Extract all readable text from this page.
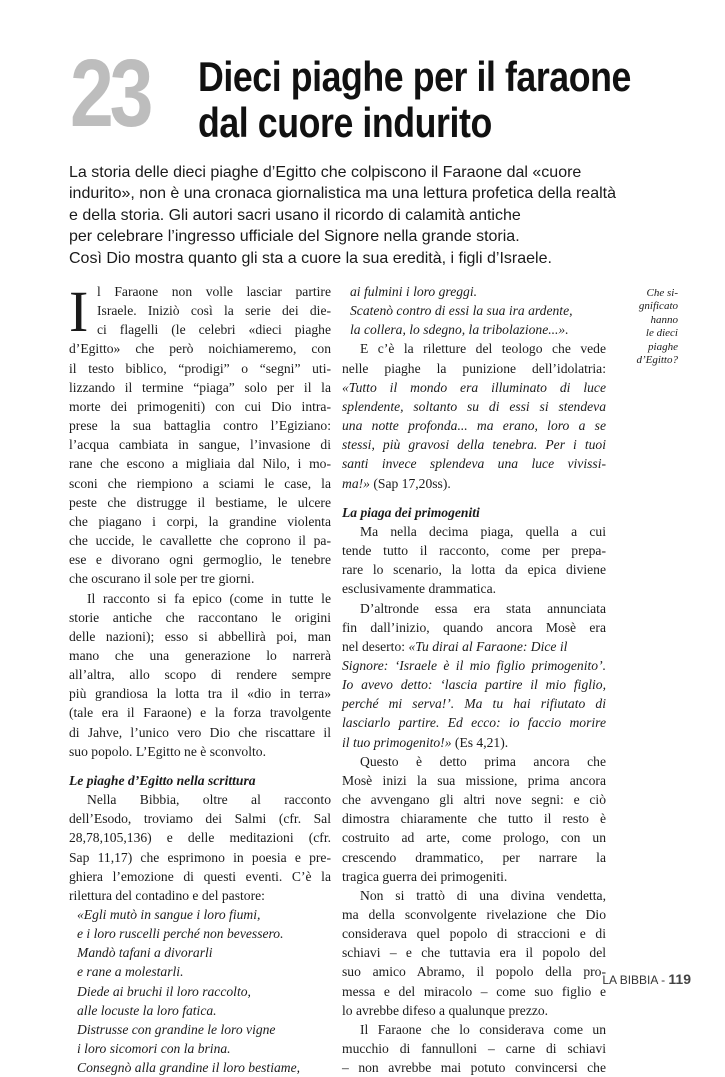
23 Dieci piaghe per il faraone
dal cuore indurito
La storia delle dieci piaghe d’Egitto che colpiscono il Faraone dal «cuore
indurito», non è una cronaca giornalistica ma una lettura profetica della realtà
e della storia. Gli autori sacri usano il ricordo di calamità antiche
per celebrare l’ingresso ufficiale del Signore nella grande storia.
Così Dio mostra quanto gli sta a cuore la sua eredità, i figli d’Israele.
I l Faraone non volle lasciar partire
Israele. Iniziò così la serie dei die-
ci flagelli (le celebri «dieci piaghe
d’Egitto» che però noichiameremo, con
il testo biblico, “prodigi” o “segni” uti-
lizzando il termine “piaga” solo per il la
morte dei primogeniti) con cui Dio intra-
prese la sua battaglia contro l’Egiziano:
l’acqua cambiata in sangue, l’invasione di
rane che escono a migliaia dal Nilo, i mo-
sconi che riempiono a sciami le case, la
peste che distrugge il bestiame, le ulcere
che piagano i corpi, la grandine violenta
che uccide, le cavallette che coprono il pa-
ese e divorano ogni germoglio, le tenebre
che oscurano il sole per tre giorni.
Il racconto si fa epico (come in tutte le
storie antiche che raccontano le origini
delle nazioni); esso si abbellirà poi, man
mano che una generazione lo narrerà
all’altra, allo scopo di rendere sempre
più grandiosa la lotta tra il «dio in terra»
(tale era il Faraone) e la forza travolgente
di Jahve, l’unico vero Dio che riscattare il
suo popolo. L’Egitto ne è sconvolto.
Le piaghe d’Egitto nella scrittura
Nella Bibbia, oltre al racconto
dell’Esodo, troviamo dei Salmi (cfr. Sal
28,78,105,136) e delle meditazioni (cfr.
Sap 11,17) che esprimono in poesia e pre-
ghiera l’emozione di questi eventi. C’è la
rilettura del contadino e del pastore:
«Egli mutò in sangue i loro fiumi,
e i loro ruscelli perché non bevessero.
Mandò tafani a divorarli
e rane a molestarli.
Diede ai bruchi il loro raccolto,
alle locuste la loro fatica.
Distrusse con grandine le loro vigne
i loro sicomori con la brina.
Consegnò alla grandine il loro bestiame,
ai fulmini i loro greggi.
Scatenò contro di essi la sua ira ardente,
la collera, lo sdegno, la tribolazione...».
E c’è la riletture del teologo che vede
nelle piaghe la punizione dell’idolatria:
«Tutto il mondo era illuminato di luce
splendente, soltanto su di essi si stendeva
una notte profonda... ma erano, loro a se
stessi, più gravosi della tenebra. Per i tuoi
santi invece splendeva una luce vivissi-
ma!» (Sap 17,20ss).
La piaga dei primogeniti
Ma nella decima piaga, quella a cui
tende tutto il racconto, come per prepa-
rare lo scenario, la lotta da epica diviene
esclusivamente drammatica.
D’altronde essa era stata annunciata
fin dall’inizio, quando ancora Mosè era
nel deserto: «Tu dirai al Faraone: Dice il
Signore: ‘Israele è il mio figlio primogenito’.
Io avevo detto: ‘lascia partire il mio figlio,
perché mi serva!’. Ma tu hai rifiutato di
lasciarlo partire. Ed ecco: io faccio morire
il tuo primogenito!» (Es 4,21).
Questo è detto prima ancora che
Mosè inizi la sua missione, prima ancora
che avvengano gli altri nove segni: e ciò
dimostra chiaramente che tutto il resto è
costruito ad arte, come prologo, con un
crescendo drammatico, per narrare la
tragica guerra dei primogeniti.
Non si trattò di una divina vendetta,
ma della sconvolgente rivelazione che Dio
considerava quel popolo di straccioni e di
schiavi – e che tuttavia era il popolo del
suo amico Abramo, il popolo della pro-
messa e del miracolo – come suo figlio e
lo avrebbe difeso a qualunque prezzo.
Il Faraone che lo considerava come un
mucchio di fannulloni – carne di schiavi
– non avrebbe mai potuto convincersi che
Che si-
gnificato
hanno
le dieci
piaghe
d’Egitto?
LA BIBBIA - 119
